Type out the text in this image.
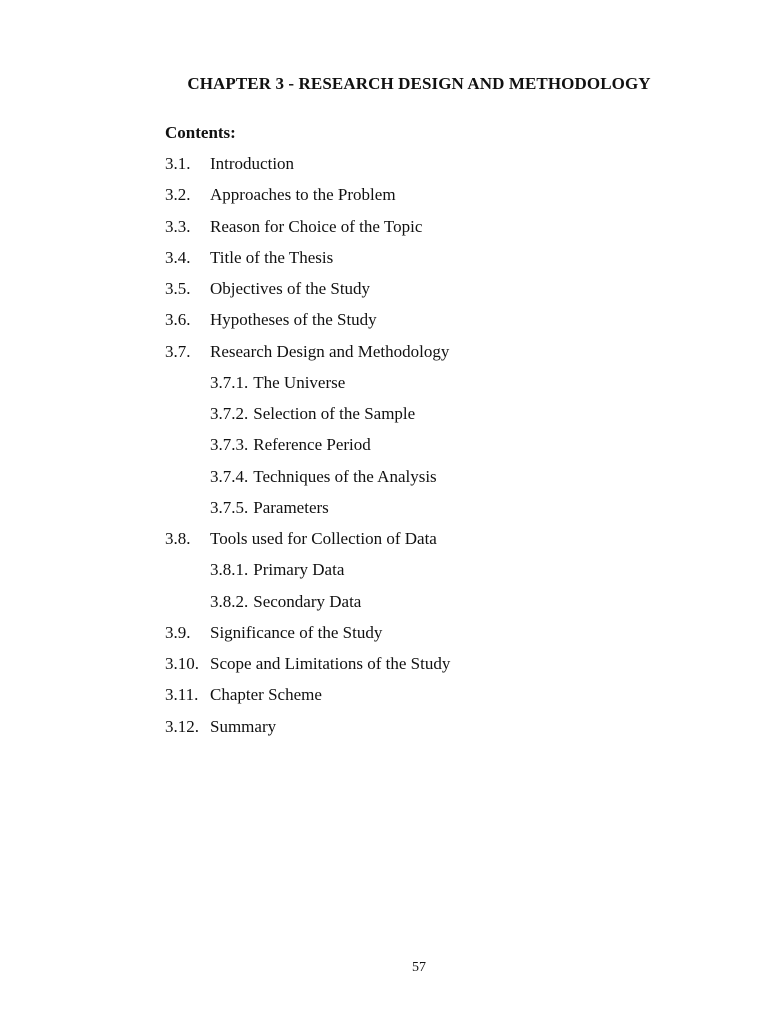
CHAPTER 3 - RESEARCH DESIGN AND METHODOLOGY
Contents:
3.1.	Introduction
3.2.	Approaches to the Problem
3.3.	Reason for Choice of the Topic
3.4.	Title of the Thesis
3.5.	Objectives of the Study
3.6.	Hypotheses of the Study
3.7.	Research Design and Methodology
3.7.1. The Universe
3.7.2. Selection of the Sample
3.7.3. Reference Period
3.7.4. Techniques of the Analysis
3.7.5. Parameters
3.8.	Tools used for Collection of Data
3.8.1. Primary Data
3.8.2. Secondary Data
3.9.	Significance of the Study
3.10. Scope and Limitations of the Study
3.11. Chapter Scheme
3.12. Summary
57
